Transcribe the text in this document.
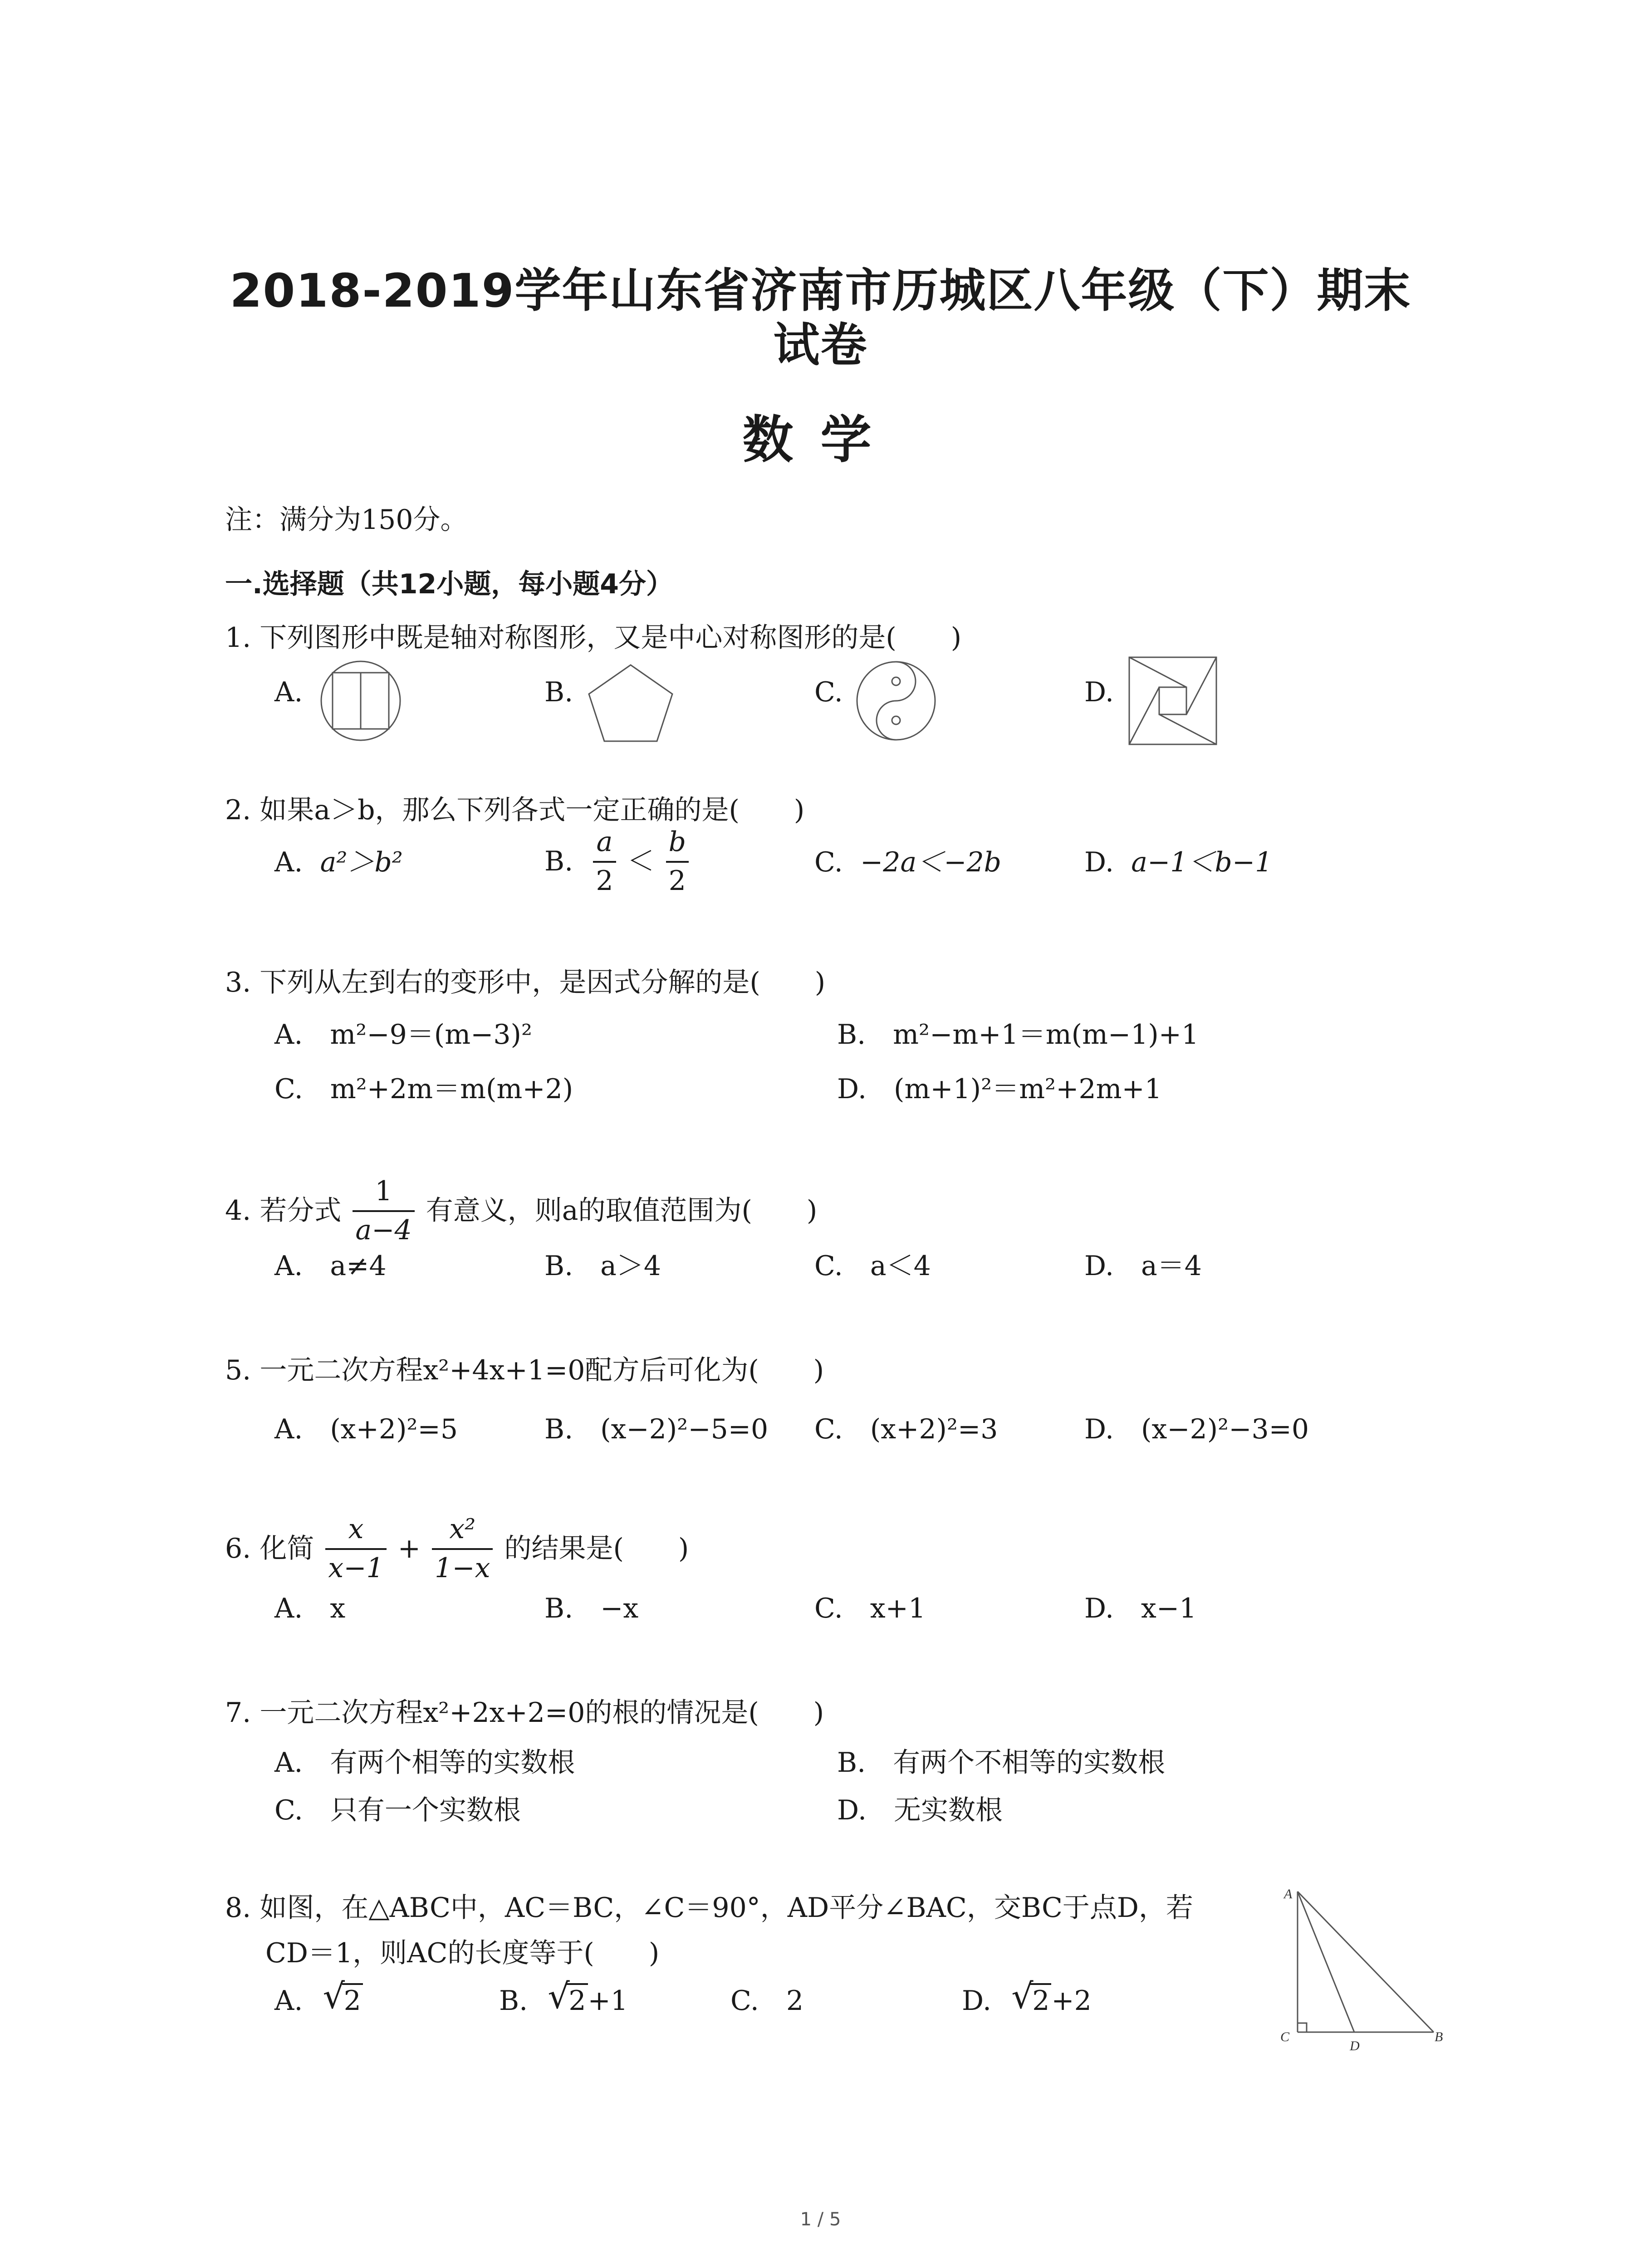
2018-2019学年山东省济南市历城区八年级（下）期末
试卷
数学
注：满分为150分。
一.选择题（共12小题，每小题4分）
1. 下列图形中既是轴对称图形，又是中心对称图形的是(　　)
A.	B.	C.	D.
2. 如果a＞b，那么下列各式一定正确的是(　　)
A. a²＞b²	B. $\frac{a}{2} < \frac{b}{2}$	C. −2a＜−2b	D. a−1＜b−1
3. 下列从左到右的变形中，是因式分解的是(　　)
A.　m²−9＝(m−3)²	B.　m²−m+1＝m(m−1)+1
C.　m²+2m＝m(m+2)	D.　(m+1)²＝m²+2m+1
4. 若分式 $\frac{1}{a-4}$ 有意义，则a的取值范围为(　　)
A.　a≠4	B.　a＞4	C.　a＜4	D.　a＝4
5. 一元二次方程x²+4x+1=0配方后可化为(　　)
A.　(x+2)²=5	B.　(x−2)²−5=0 C.　(x+2)²=3	D.　(x−2)²−3=0
6. 化简 $\frac{x}{x-1} + \frac{\text{x²}}{1-x}$ 的结果是(　　)
A.　x	B.　−x	C.　x+1	D.　x−1
7. 一元二次方程x²+2x+2=0的根的情况是(　　)
A.　有两个相等的实数根	B.　有两个不相等的实数根
C.　只有一个实数根	D.　无实数根
8. 如图，在△ABC中，AC＝BC，∠C＝90°，AD平分∠BAC，交BC于点D，若
CD＝1，则AC的长度等于(　　)
A. √
2	B. √
2+1	C.　2	D. √
2+2
A
C
D
B
1 / 5
